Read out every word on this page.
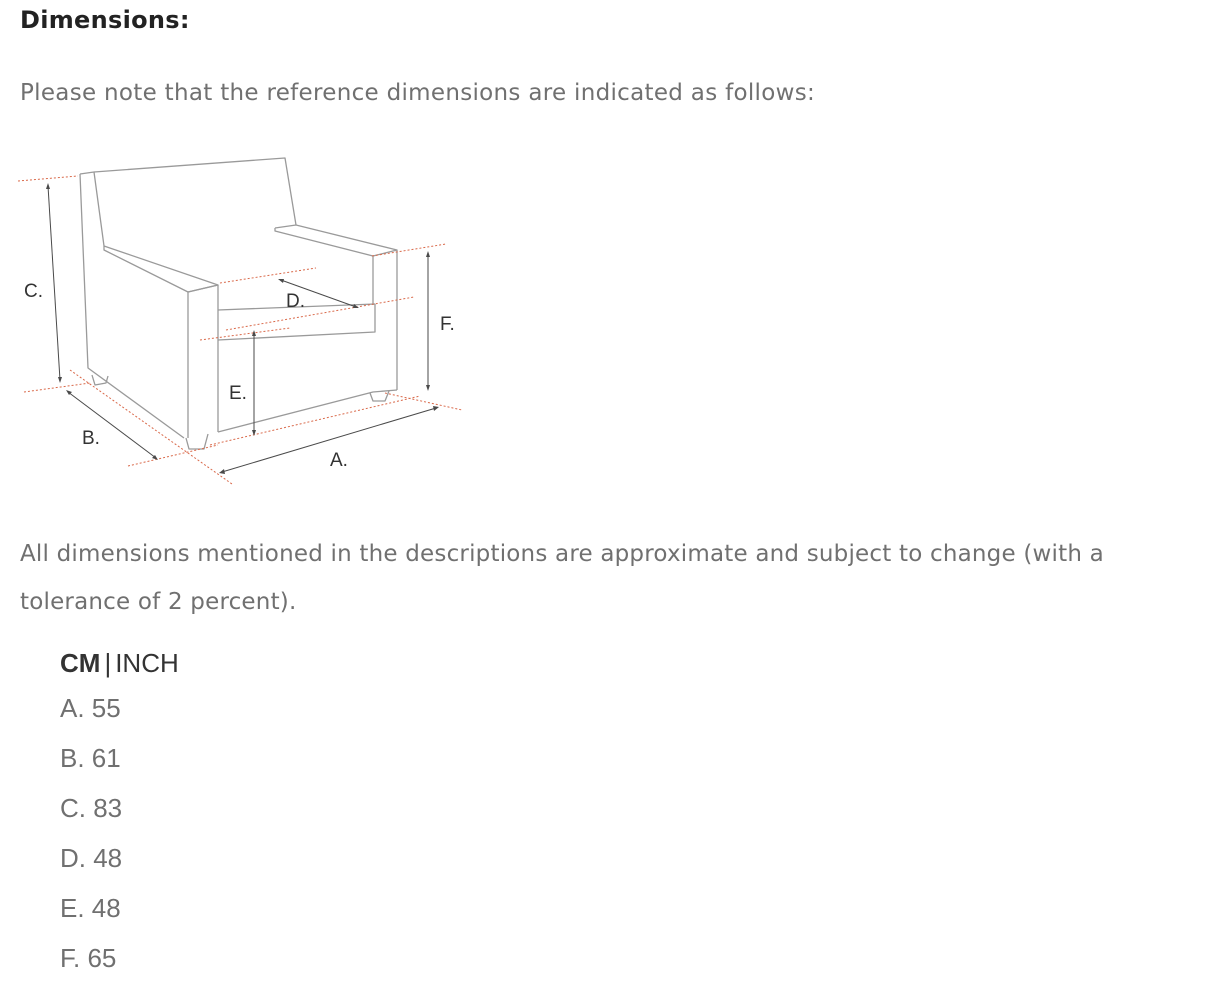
Dimensions:

Please note that the reference dimensions are indicated as follows:

C.	D.
F.
E.
B.
A.

All dimensions mentioned in the descriptions are approximate and subject to change (with a tolerance of 2 percent).

CM | INCH
A. 55
B. 61
C. 83
D. 48
E. 48
F. 65
